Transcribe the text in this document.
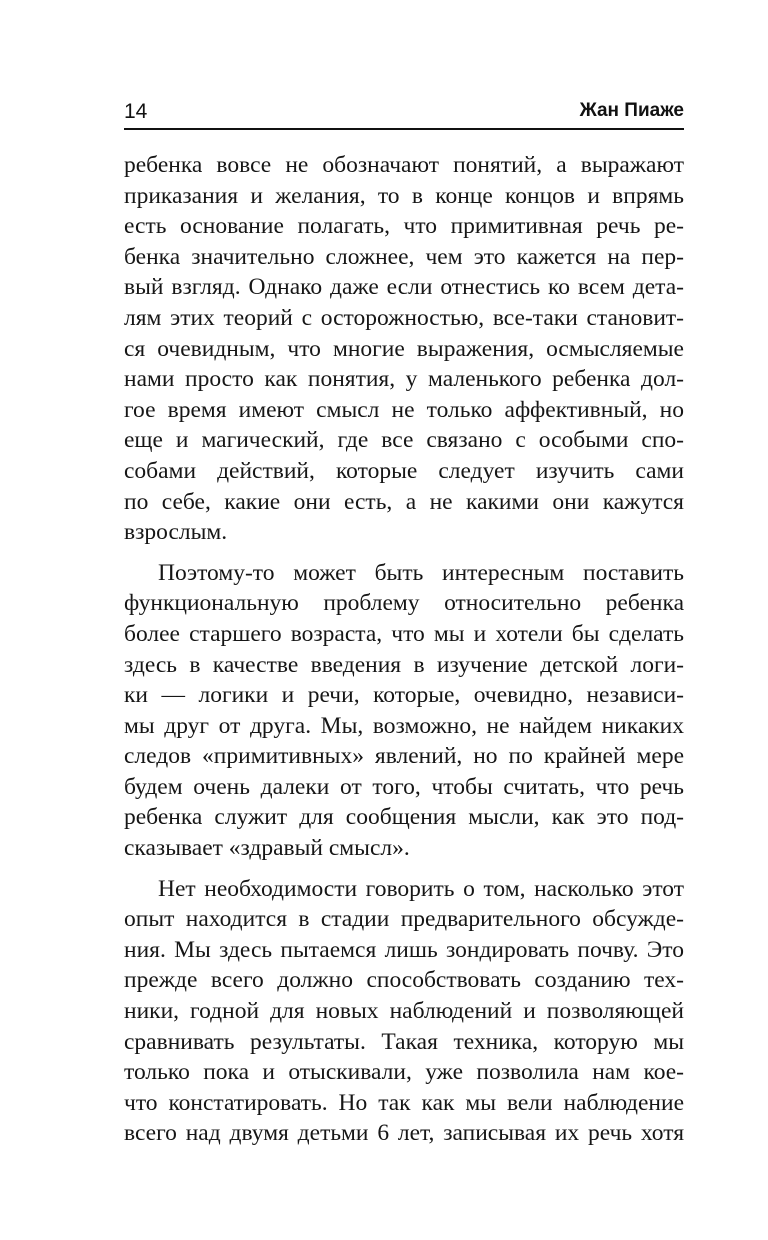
14	Жан Пиаже
ребенка вовсе не обозначают понятий, а выражают
приказания и желания, то в конце концов и впрямь
есть основание полагать, что примитивная речь ре-
бенка значительно сложнее, чем это кажется на пер-
вый взгляд. Однако даже если отнестись ко всем дета-
лям этих теорий с осторожностью, все-таки становит-
ся очевидным, что многие выражения, осмысляемые
нами просто как понятия, у маленького ребенка дол-
гое время имеют смысл не только аффективный, но
еще и магический, где все связано с особыми спо-
собами действий, которые следует изучить сами
по себе, какие они есть, а не какими они кажутся
взрослым.
Поэтому-то может быть интересным поставить
функциональную проблему относительно ребенка
более старшего возраста, что мы и хотели бы сделать
здесь в качестве введения в изучение детской логи-
ки — логики и речи, которые, очевидно, независи-
мы друг от друга. Мы, возможно, не найдем никаких
следов «примитивных» явлений, но по крайней мере
будем очень далеки от того, чтобы считать, что речь
ребенка служит для сообщения мысли, как это под-
сказывает «здравый смысл».
Нет необходимости говорить о том, насколько этот
опыт находится в стадии предварительного обсужде-
ния. Мы здесь пытаемся лишь зондировать почву. Это
прежде всего должно способствовать созданию тех-
ники, годной для новых наблюдений и позволяющей
сравнивать результаты. Такая техника, которую мы
только пока и отыскивали, уже позволила нам кое-
что констатировать. Но так как мы вели наблюдение
всего над двумя детьми 6 лет, записывая их речь хотя
